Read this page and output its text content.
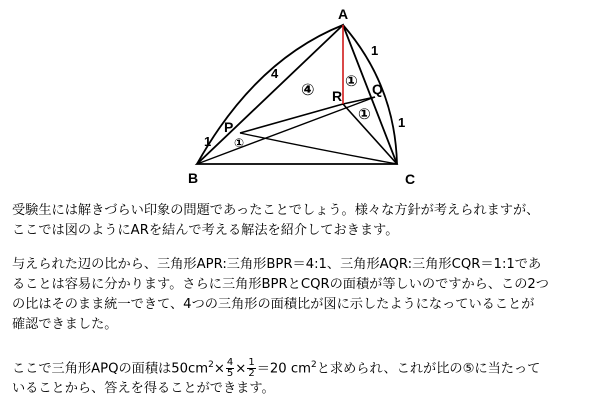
A
B	C
P
Q
R
4
1
1
1
④
①
①
①
受験生には解きづらい印象の問題であったことでしょう。様々な方針が考えられますが、
ここでは図のようにARを結んで考える解法を紹介しておきます。
与えられた辺の比から、三角形APR:三角形BPR＝4:1、三角形AQR:三角形CQR＝1:1であ
ることは容易に分かります。さらに三角形BPRとCQRの面積が等しいのですから、この2つ
の比はそのまま統一できて、4つの三角形の面積比が図に示したようになっていることが
確認できました。
ここで三角形APQの面積は$50cm^2\times \frac{4}{5} \times \frac{1}{2} =20$ $cm^2$と求められ、これが比の⑤に当たって
いることから、答えを得ることができます。
